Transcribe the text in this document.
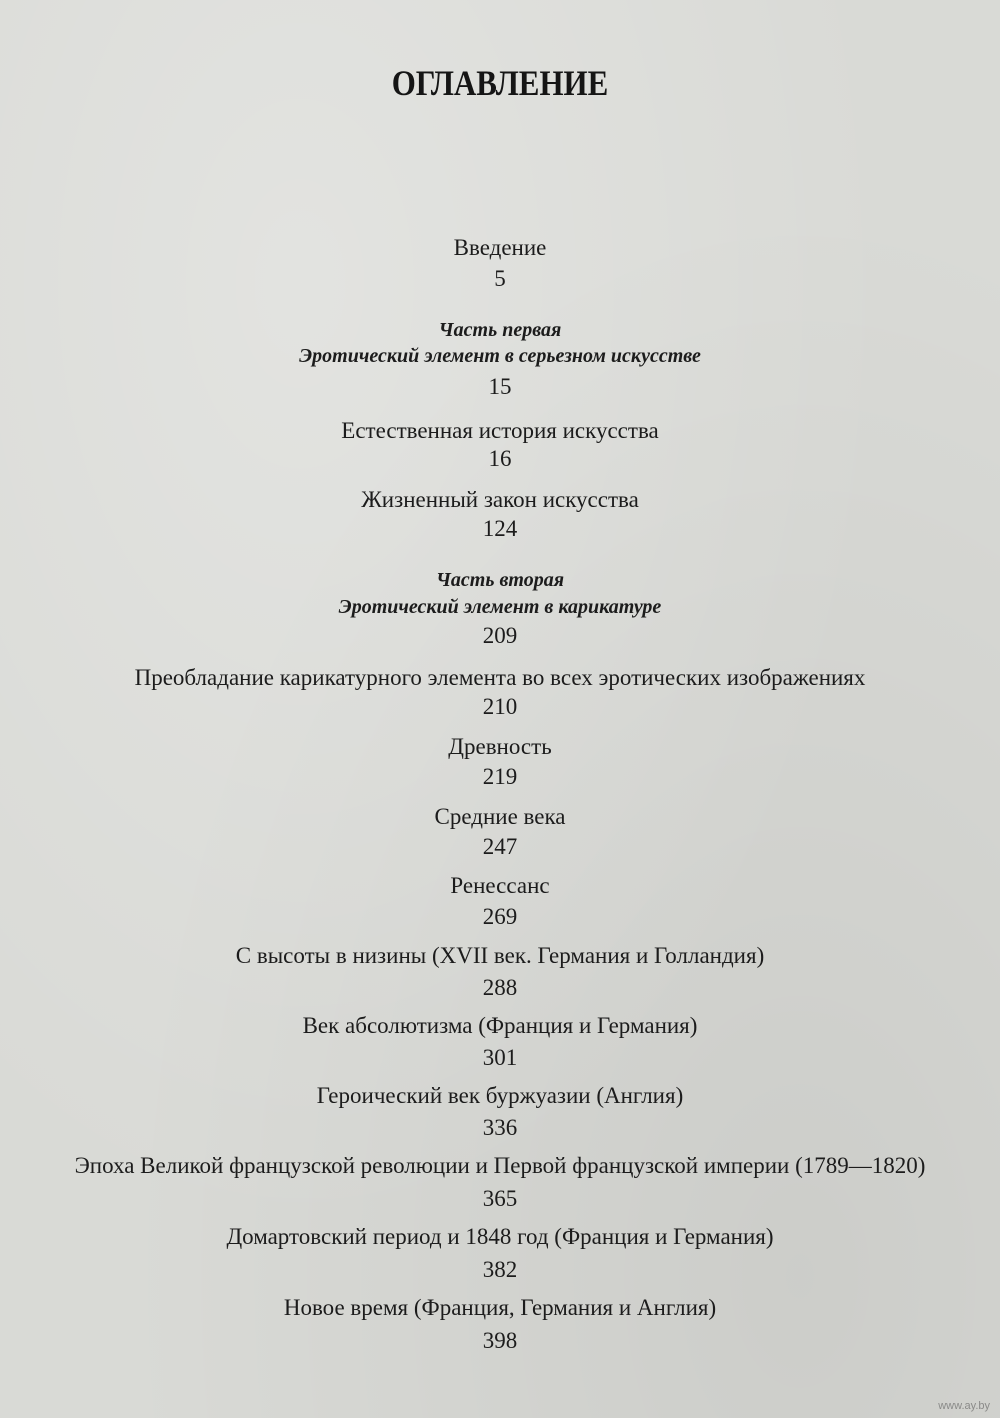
ОГЛАВЛЕНИЕ
Введение
5
Часть первая
Эротический элемент в серьезном искусстве
15
Естественная история искусства
16
Жизненный закон искусства
124
Часть вторая
Эротический элемент в карикатуре
209
Преобладание карикатурного элемента во всех эротических изображениях
210
Древность
219
Средние века
247
Ренессанс
269
С высоты в низины (XVII век. Германия и Голландия)
288
Век абсолютизма (Франция и Германия)
301
Героический век буржуазии (Англия)
336
Эпоха Великой французской революции и Первой французской империи (1789—1820)
365
Домартовский период и 1848 год (Франция и Германия)
382
Новое время (Франция, Германия и Англия)
398
www.ay.by
